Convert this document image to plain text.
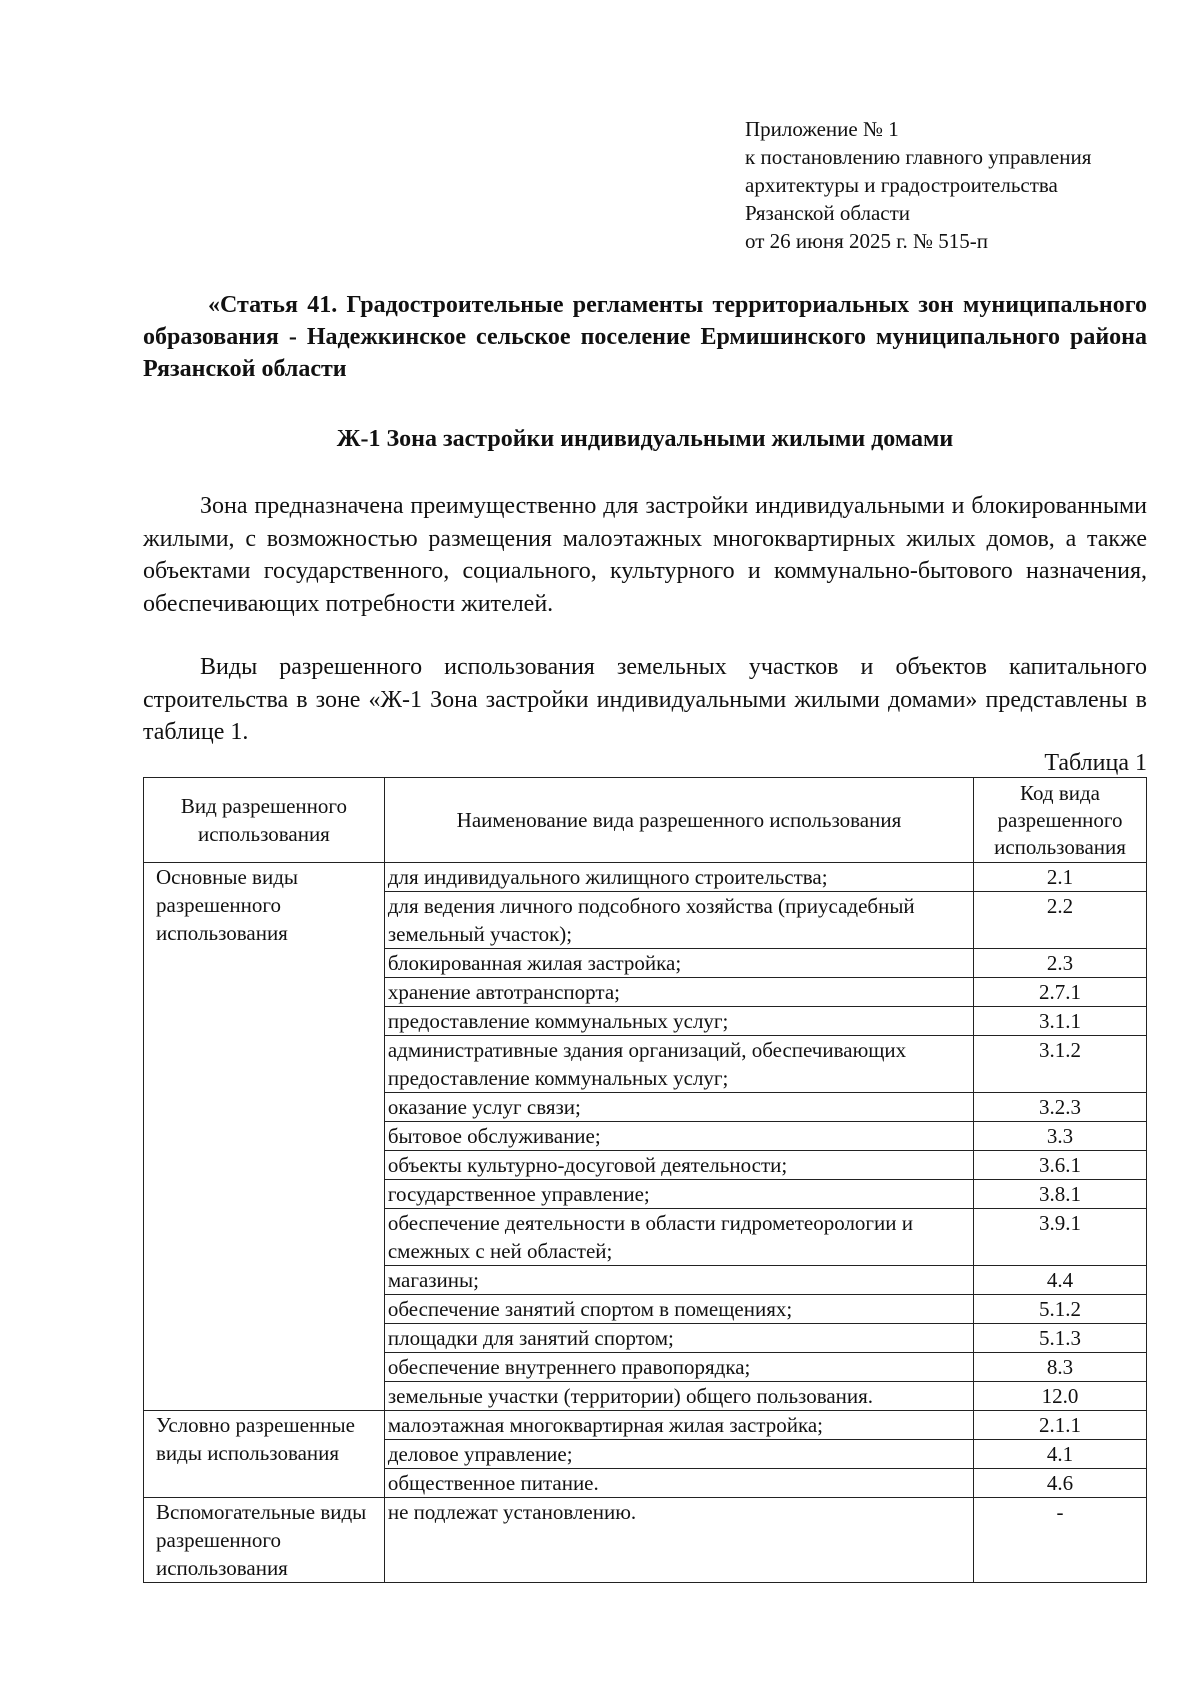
Приложение № 1
к постановлению главного управления
архитектуры и градостроительства
Рязанской области
от 26 июня 2025 г. № 515-п

«Статья 41. Градостроительные регламенты территориальных зон муниципального образования - Надежкинское сельское поселение Ермишинского муниципального района Рязанской области

Ж-1 Зона застройки индивидуальными жилыми домами

Зона предназначена преимущественно для застройки индивидуальными и блокированными жилыми, с возможностью размещения малоэтажных многоквартирных жилых домов, а также объектами государственного, социального, культурного и коммунально-бытового назначения, обеспечивающих потребности жителей.

Виды разрешенного использования земельных участков и объектов капитального строительства в зоне «Ж-1 Зона застройки индивидуальными жилыми домами» представлены в таблице 1.

Таблица 1
Вид разрешенного использования	Наименование вида разрешенного использования	Код вида разрешенного использования
Основные виды разрешенного использования	для индивидуального жилищного строительства;	2.1
	для ведения личного подсобного хозяйства (приусадебный земельный участок);	2.2
	блокированная жилая застройка;	2.3
	хранение автотранспорта;	2.7.1
	предоставление коммунальных услуг;	3.1.1
	административные здания организаций, обеспечивающих предоставление коммунальных услуг;	3.1.2
	оказание услуг связи;	3.2.3
	бытовое обслуживание;	3.3
	объекты культурно-досуговой деятельности;	3.6.1
	государственное управление;	3.8.1
	обеспечение деятельности в области гидрометеорологии и смежных с ней областей;	3.9.1
	магазины;	4.4
	обеспечение занятий спортом в помещениях;	5.1.2
	площадки для занятий спортом;	5.1.3
	обеспечение внутреннего правопорядка;	8.3
	земельные участки (территории) общего пользования.	12.0
Условно разрешенные виды использования	малоэтажная многоквартирная жилая застройка;	2.1.1
	деловое управление;	4.1
	общественное питание.	4.6
Вспомогательные виды разрешенного использования	не подлежат установлению.	-
